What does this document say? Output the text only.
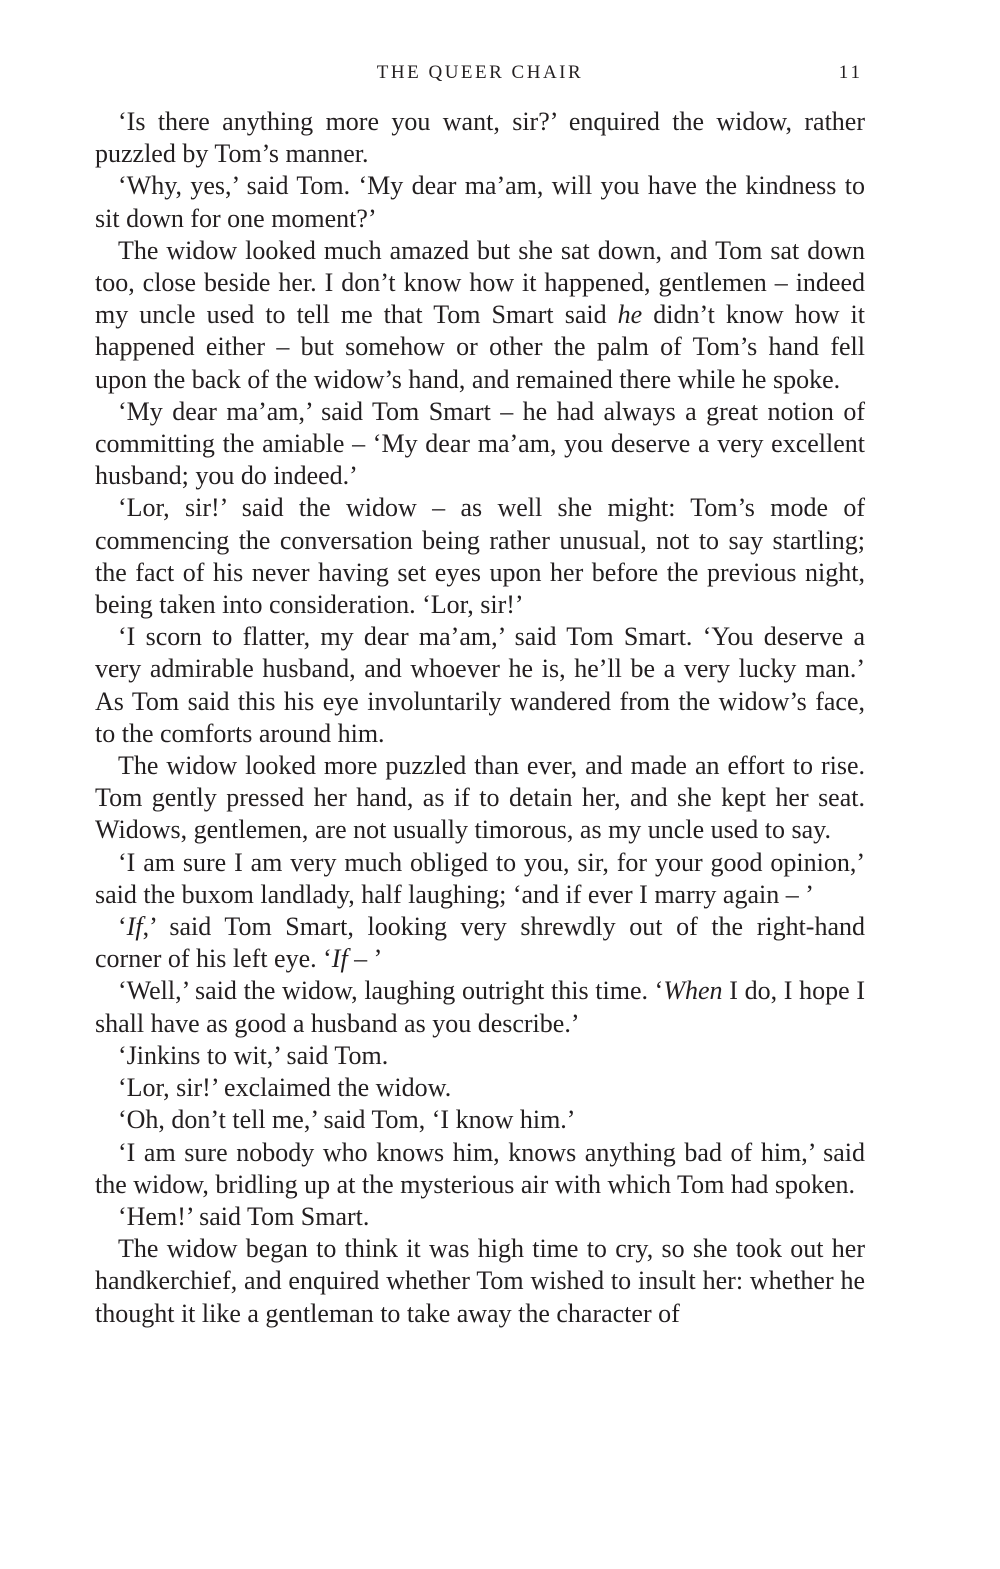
THE QUEER CHAIR	11

‘Is there anything more you want, sir?’ enquired the widow, rather puzzled by Tom’s manner.

‘Why, yes,’ said Tom. ‘My dear ma’am, will you have the kindness to sit down for one moment?’

The widow looked much amazed but she sat down, and Tom sat down too, close beside her. I don’t know how it happened, gentlemen – indeed my uncle used to tell me that Tom Smart said he didn’t know how it happened either – but somehow or other the palm of Tom’s hand fell upon the back of the widow’s hand, and remained there while he spoke.

‘My dear ma’am,’ said Tom Smart – he had always a great notion of committing the amiable – ‘My dear ma’am, you deserve a very excellent husband; you do indeed.’

‘Lor, sir!’ said the widow – as well she might: Tom’s mode of commencing the conversation being rather unusual, not to say startling; the fact of his never having set eyes upon her before the previous night, being taken into consideration. ‘Lor, sir!’

‘I scorn to flatter, my dear ma’am,’ said Tom Smart. ‘You deserve a very admirable husband, and whoever he is, he’ll be a very lucky man.’ As Tom said this his eye involuntarily wandered from the widow’s face, to the comforts around him.

The widow looked more puzzled than ever, and made an effort to rise. Tom gently pressed her hand, as if to detain her, and she kept her seat. Widows, gentlemen, are not usually timorous, as my uncle used to say.

‘I am sure I am very much obliged to you, sir, for your good opinion,’ said the buxom landlady, half laughing; ‘and if ever I marry again – ’

‘If,’ said Tom Smart, looking very shrewdly out of the right-hand corner of his left eye. ‘If – ’

‘Well,’ said the widow, laughing outright this time. ‘When I do, I hope I shall have as good a husband as you describe.’

‘Jinkins to wit,’ said Tom.

‘Lor, sir!’ exclaimed the widow.

‘Oh, don’t tell me,’ said Tom, ‘I know him.’

‘I am sure nobody who knows him, knows anything bad of him,’ said the widow, bridling up at the mysterious air with which Tom had spoken.

‘Hem!’ said Tom Smart.

The widow began to think it was high time to cry, so she took out her handkerchief, and enquired whether Tom wished to insult her: whether he thought it like a gentleman to take away the character of
